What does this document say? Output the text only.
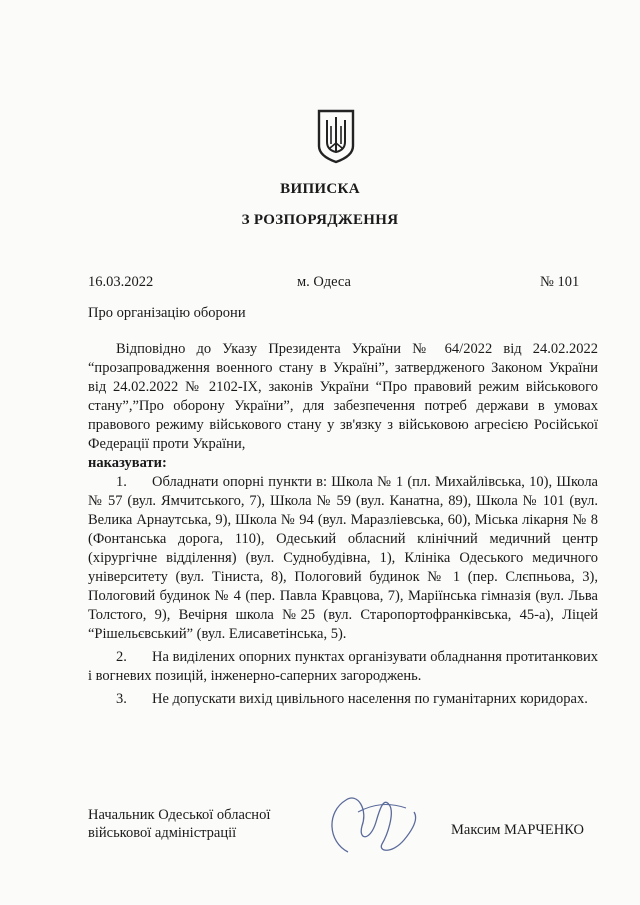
ВИПИСКА
З РОЗПОРЯДЖЕННЯ
16.03.2022	м. Одеса	№ 101
Про організацію оборони

Відповідно до Указу Президента України № 64/2022 від 24.02.2022 “прозапровадження военного стану в Україні”, затвердженого Законом України від 24.02.2022 № 2102-IX, законів України “Про правовий режим військового стану”,”Про оборону України”, для забезпечення потреб держави в умовах правового режиму військового стану у зв'язку з військовою агресією Російської Федерації проти України,

наказувати:

1. Обладнати опорні пункти в: Школа № 1 (пл. Михайлівська, 10), Школа № 57 (вул. Ямчитського, 7), Школа № 59 (вул. Канатна, 89), Школа № 101 (вул. Велика Арнаутська, 9), Школа № 94 (вул. Маразліевська, 60), Міська лікарня № 8 (Фонтанська дорога, 110), Одеський обласний клінічний медичний центр (хірургічне відділення) (вул. Суднобудівна, 1), Клініка Одеського медичного університету (вул. Тіниста, 8), Пологовий будинок № 1 (пер. Слєпньова, 3), Пологовий будинок № 4 (пер. Павла Кравцова, 7), Маріїнська гімназія (вул. Льва Толстого, 9), Вечірня школа №25 (вул. Старопортофранківська, 45-а), Ліцей “Рішельєвський” (вул. Елисаветінська, 5).

2. На виділених опорних пунктах організувати обладнання протитанкових і вогневих позицій, інженерно-саперних загороджень.

3. Не допускати вихід цивільного населення по гуманітарних коридорах.

Начальник Одеської обласної
військової адміністрації	Максим МАРЧЕНКО
